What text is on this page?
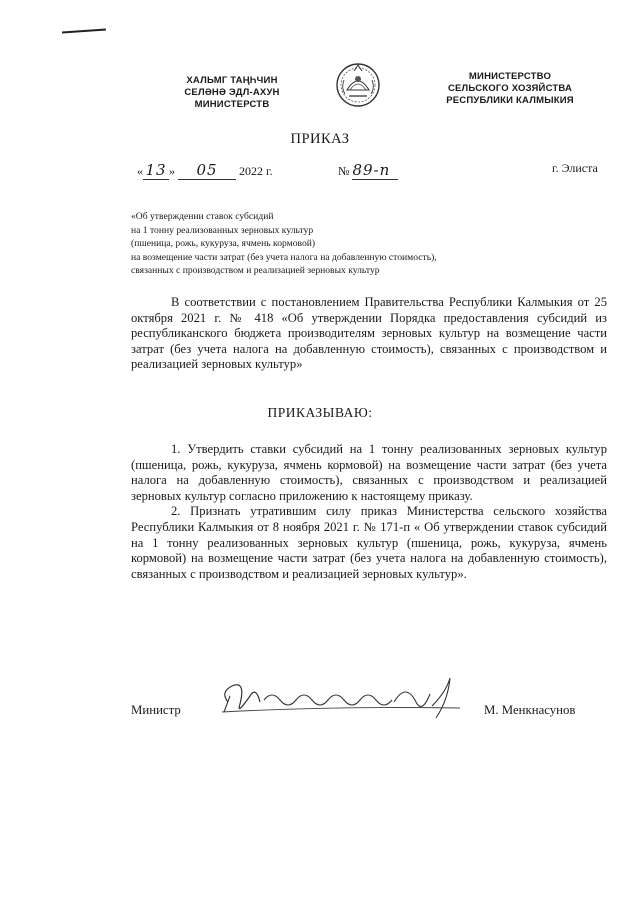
ХАЛЬМГ ТАҢҺЧИН
СЕЛӘНӘ ЭДЛ-АХУН
МИНИСТЕРСТВ
МИНИСТЕРСТВО
СЕЛЬСКОГО ХОЗЯЙСТВА
РЕСПУБЛИКИ КАЛМЫКИЯ
ПРИКАЗ
« 13 » 05 2022 г.	№ 89-п	г. Элиста
«Об утверждении ставок субсидий
на 1 тонну реализованных зерновых культур
(пшеница, рожь, кукуруза, ячмень кормовой)
на возмещение части затрат (без учета налога на добавленную стоимость),
связанных с производством и реализацией зерновых культур

В соответствии с постановлением Правительства Республики Калмыкия от 25 октября 2021 г. № 418 «Об утверждении Порядка предоставления субсидий из республиканского бюджета производителям зерновых культур на возмещение части затрат (без учета налога на добавленную стоимость), связанных с производством и реализацией зерновых культур»

ПРИКАЗЫВАЮ:

1. Утвердить ставки субсидий на 1 тонну реализованных зерновых культур (пшеница, рожь, кукуруза, ячмень кормовой) на возмещение части затрат (без учета налога на добавленную стоимость), связанных с производством и реализацией зерновых культур согласно приложению к настоящему приказу.

2. Признать утратившим силу приказ Министерства сельского хозяйства Республики Калмыкия от 8 ноября 2021 г. № 171-п « Об утверждении ставок субсидий на 1 тонну реализованных зерновых культур (пшеница, рожь, кукуруза, ячмень кормовой) на возмещение части затрат (без учета налога на добавленную стоимость), связанных с производством и реализацией зерновых культур».

Министр	М. Менкнасунов
